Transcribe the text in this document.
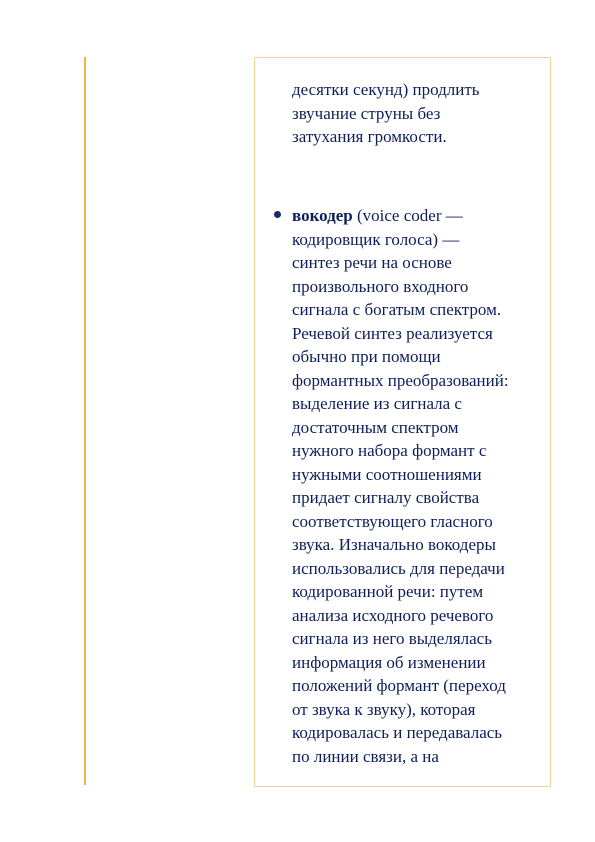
десятки секунд) продлить
звучание струны без
затухания громкости.

вокодер (voice coder —
кодировщик голоса) —
синтез речи на основе
произвольного входного
сигнала с богатым спектром.
Речевой синтез реализуется
обычно при помощи
формантных преобразований:
выделение из сигнала с
достаточным спектром
нужного набора формант с
нужными соотношениями
придает сигналу свойства
соответствующего гласного
звука. Изначально вокодеры
использовались для передачи
кодированной речи: путем
анализа исходного речевого
сигнала из него выделялась
информация об изменении
положений формант (переход
от звука к звуку), которая
кодировалась и передавалась
по линии связи, а на
